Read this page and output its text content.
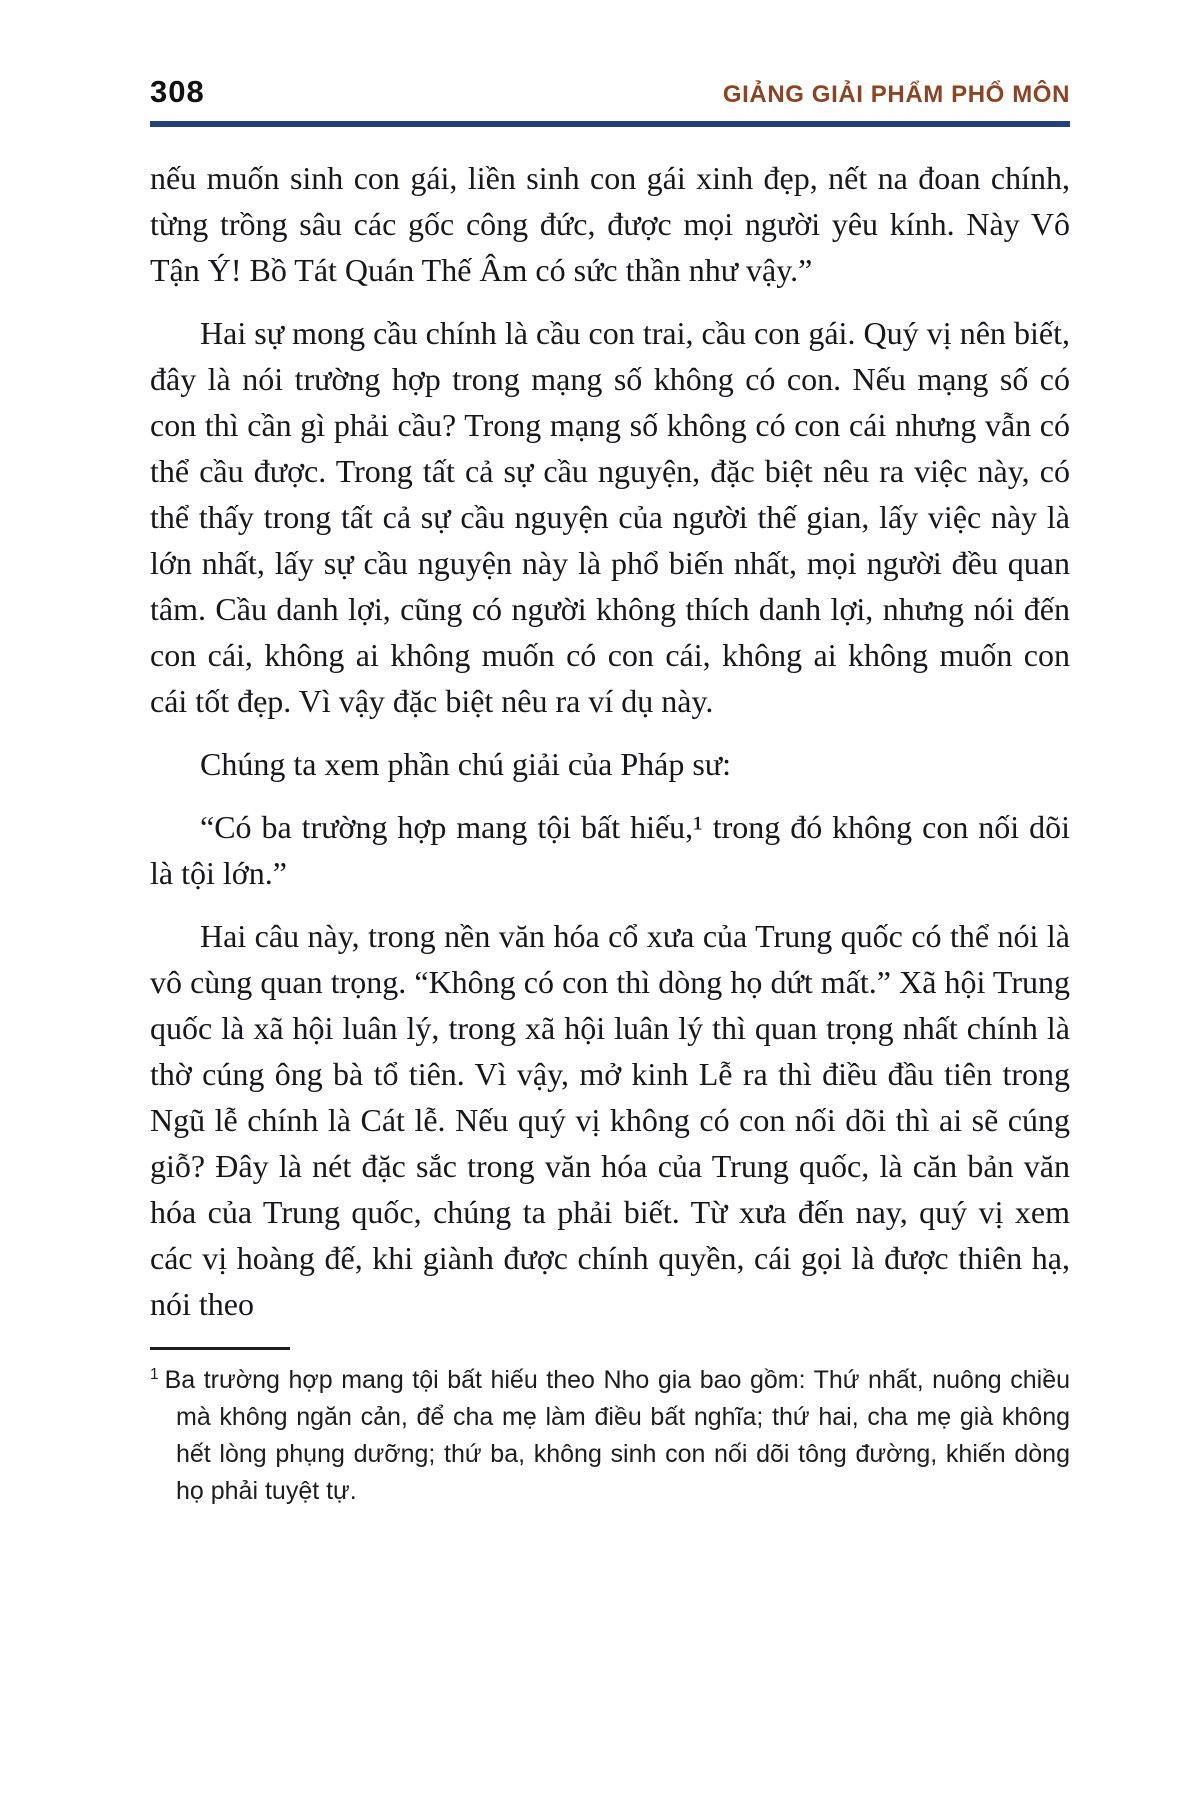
308	GIẢNG GIẢI PHẨM PHỔ MÔN

nếu muốn sinh con gái, liền sinh con gái xinh đẹp, nết na đoan chính, từng trồng sâu các gốc công đức, được mọi người yêu kính. Này Vô Tận Ý! Bồ Tát Quán Thế Âm có sức thần như vậy.”

Hai sự mong cầu chính là cầu con trai, cầu con gái. Quý vị nên biết, đây là nói trường hợp trong mạng số không có con. Nếu mạng số có con thì cần gì phải cầu? Trong mạng số không có con cái nhưng vẫn có thể cầu được. Trong tất cả sự cầu nguyện, đặc biệt nêu ra việc này, có thể thấy trong tất cả sự cầu nguyện của người thế gian, lấy việc này là lớn nhất, lấy sự cầu nguyện này là phổ biến nhất, mọi người đều quan tâm. Cầu danh lợi, cũng có người không thích danh lợi, nhưng nói đến con cái, không ai không muốn có con cái, không ai không muốn con cái tốt đẹp. Vì vậy đặc biệt nêu ra ví dụ này.

Chúng ta xem phần chú giải của Pháp sư:

“Có ba trường hợp mang tội bất hiếu,¹ trong đó không con nối dõi là tội lớn.”

Hai câu này, trong nền văn hóa cổ xưa của Trung quốc có thể nói là vô cùng quan trọng. “Không có con thì dòng họ dứt mất.” Xã hội Trung quốc là xã hội luân lý, trong xã hội luân lý thì quan trọng nhất chính là thờ cúng ông bà tổ tiên. Vì vậy, mở kinh Lễ ra thì điều đầu tiên trong Ngũ lễ chính là Cát lễ. Nếu quý vị không có con nối dõi thì ai sẽ cúng giỗ? Đây là nét đặc sắc trong văn hóa của Trung quốc, là căn bản văn hóa của Trung quốc, chúng ta phải biết. Từ xưa đến nay, quý vị xem các vị hoàng đế, khi giành được chính quyền, cái gọi là được thiên hạ, nói theo

$^1$ Ba trường hợp mang tội bất hiếu theo Nho gia bao gồm: Thứ nhất, nuông chiều mà không ngăn cản, để cha mẹ làm điều bất nghĩa; thứ hai, cha mẹ già không hết lòng phụng dưỡng; thứ ba, không sinh con nối dõi tông đường, khiến dòng họ phải tuyệt tự.
